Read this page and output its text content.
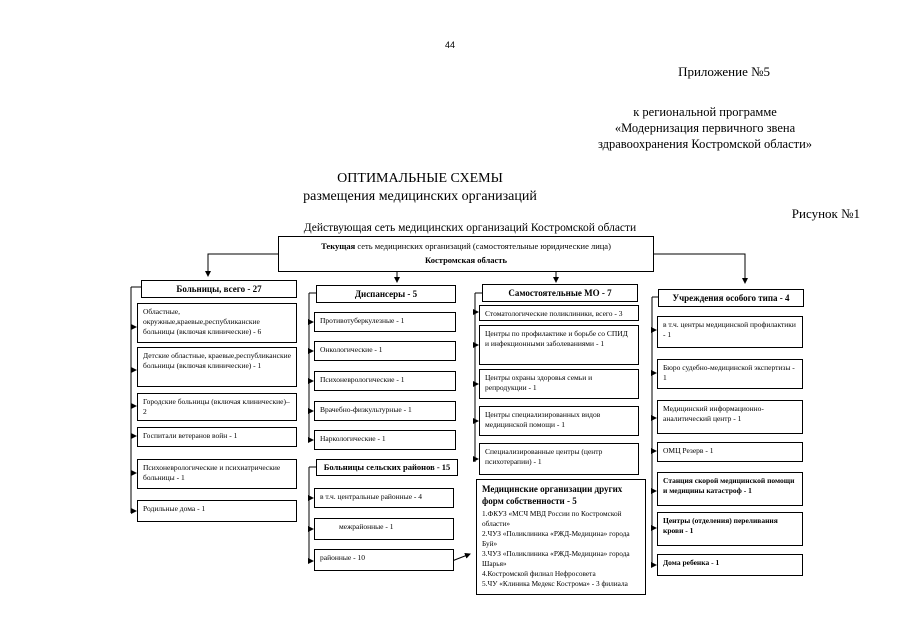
44
Приложение №5
к региональной программе
«Модернизация первичного звена
здравоохранения Костромской области»
ОПТИМАЛЬНЫЕ СХЕМЫ
размещения медицинских организаций
Рисунок №1
Действующая сеть медицинских организаций Костромской области
Текущая сеть медицинских организаций (самостоятельные юридические лица)
Костромская область
Больницы, всего - 27
Областные, окружные,краевые,республиканские больницы (включая клинические) - 6
Детские областные, краевые,республиканские больницы (включая клинические) - 1
Городские больницы (включая клинические)–2
Госпитали ветеранов войн - 1
Психоневрологические и психиатрические больницы - 1
Родильные дома - 1
Диспансеры - 5
Противотуберкулезные - 1
Онкологические - 1
Психоневрологические - 1
Врачебно-физкультурные - 1
Наркологические - 1
Больницы сельских районов - 15
в т.ч. центральные районные - 4
межрайонные - 1
районные - 10
Самостоятельные МО - 7
Стоматологические поликлиники, всего - 3
Центры по профилактике и борьбе со СПИД и инфекционными заболеваниями - 1
Центры охраны здоровья семьи и репродукции - 1
Центры специализированных видов медицинской помощи - 1
Специализированные центры (центр психотерапии) - 1
Медицинские организации других форм собственности - 5
1.ФКУЗ «МСЧ МВД России по Костромской области»
2.ЧУЗ «Поликлиника «РЖД-Медицина» города Буй»
3.ЧУЗ «Поликлиника «РЖД-Медицина» города Шарья»
4.Костромской филиал Нефросовета
5.ЧУ «Клиника Медекс Кострома» - 3 филиала
Учреждения особого типа - 4
в т.ч. центры медицинской профилактики - 1
Бюро судебно-медицинской экспертизы - 1
Медицинский информационно-аналитический центр - 1
ОМЦ Резерв - 1
Станция скорой медицинской помощи и медицины катастроф - 1
Центры (отделения) переливания крови - 1
Дома ребенка - 1
